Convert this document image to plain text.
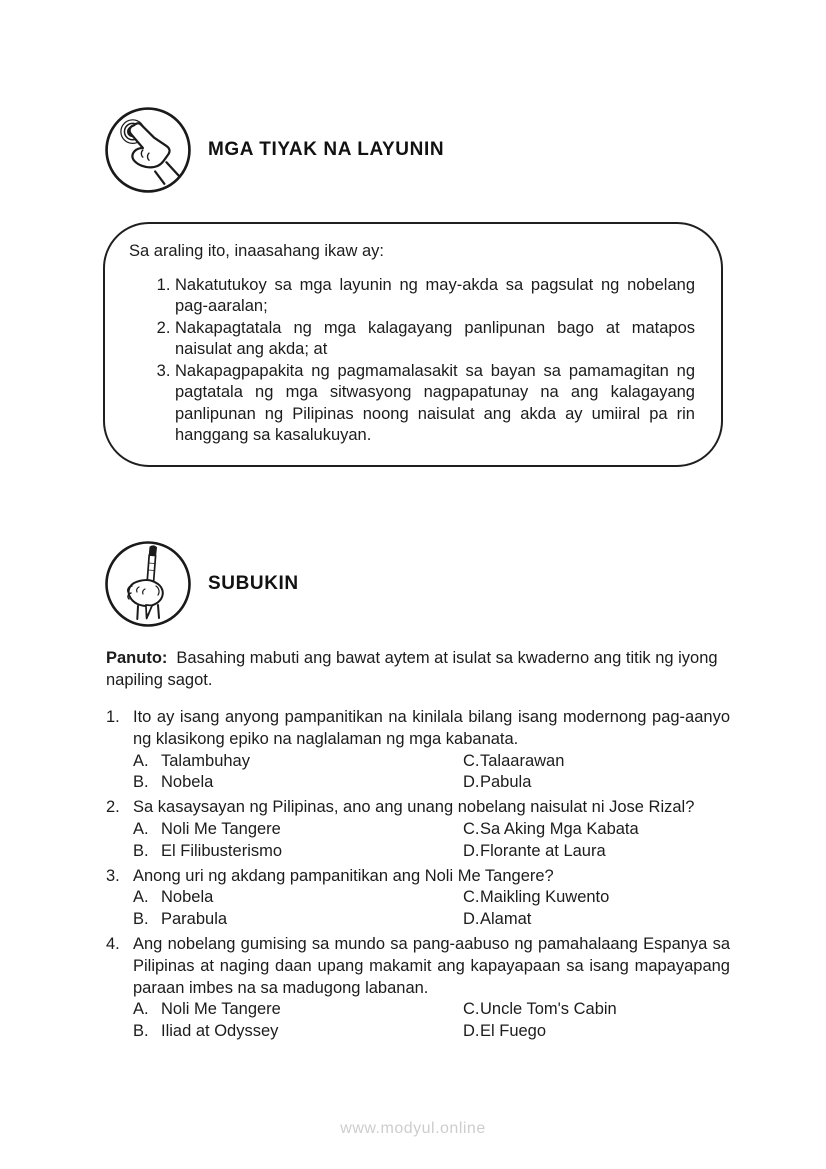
MGA TIYAK NA LAYUNIN

Sa araling ito, inaasahang ikaw ay:

1. Nakatutukoy sa mga layunin ng may-akda sa pagsulat ng nobelang pag-aaralan;
2. Nakapagtatala ng mga kalagayang panlipunan bago at matapos naisulat ang akda; at
3. Nakapagpapakita ng pagmamalasakit sa bayan sa pamamagitan ng pagtatala ng mga sitwasyong nagpapatunay na ang kalagayang panlipunan ng Pilipinas noong naisulat ang akda ay umiiral pa rin hanggang sa kasalukuyan.
SUBUKIN

Panuto: Basahing mabuti ang bawat aytem at isulat sa kwaderno ang titik ng iyong napiling sagot.

1. Ito ay isang anyong pampanitikan na kinilala bilang isang modernong pag-aanyo ng klasikong epiko na naglalaman ng mga kabanata.
A. Talambuhay	C. Talaarawan
B. Nobela	D. Pabula
2. Sa kasaysayan ng Pilipinas, ano ang unang nobelang naisulat ni Jose Rizal?
A. Noli Me Tangere	C. Sa Aking Mga Kabata
B. El Filibusterismo	D. Florante at Laura
3. Anong uri ng akdang pampanitikan ang Noli Me Tangere?
A. Nobela	C. Maikling Kuwento
B. Parabula	D. Alamat
4. Ang nobelang gumising sa mundo sa pang-aabuso ng pamahalaang Espanya sa Pilipinas at naging daan upang makamit ang kapayapaan sa isang mapayapang paraan imbes na sa madugong labanan.
A. Noli Me Tangere	C. Uncle Tom's Cabin
B. Iliad at Odyssey	D. El Fuego
www.modyul.online
